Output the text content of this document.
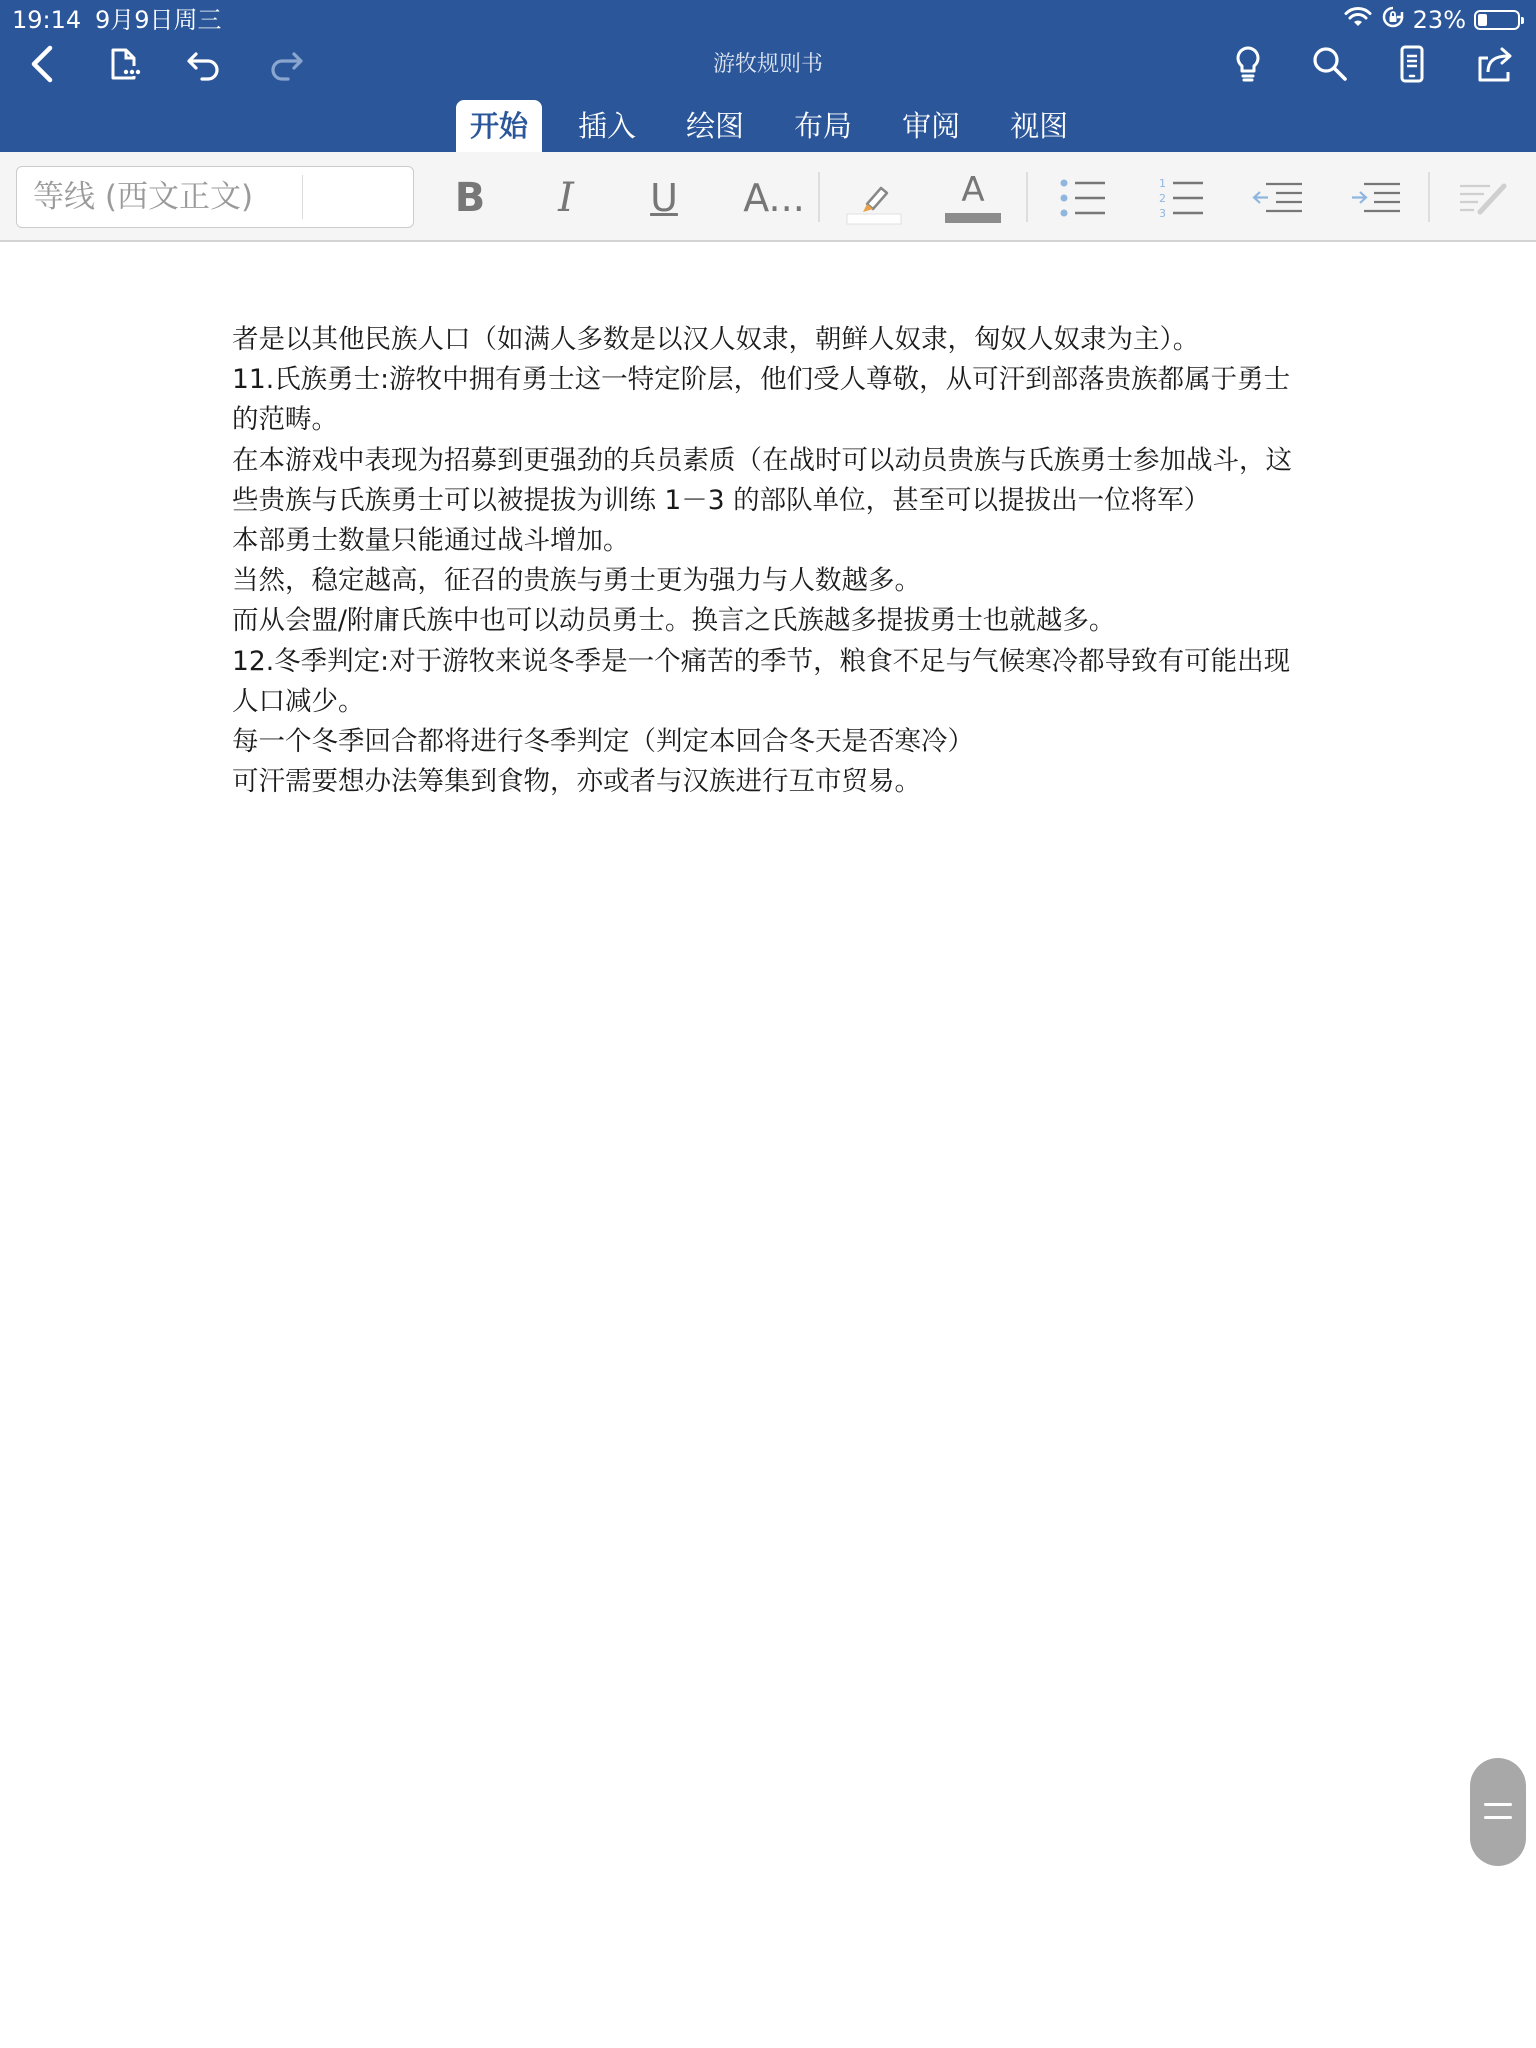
19:14 9月9日周三	23%
游牧规则书
开始	插入	绘图	布局	审阅	视图
等线 (西文正文)	B I U A...	A	1
2
3

者是以其他民族人口（如满人多数是以汉人奴隶，朝鲜人奴隶，匈奴人奴隶为主）。

11.氏族勇士:游牧中拥有勇士这一特定阶层，他们受人尊敬，从可汗到部落贵族都属于勇士的范畴。

在本游戏中表现为招募到更强劲的兵员素质（在战时可以动员贵族与氏族勇士参加战斗，这些贵族与氏族勇士可以被提拔为训练 1－3 的部队单位，甚至可以提拔出一位将军）

本部勇士数量只能通过战斗增加。

当然，稳定越高，征召的贵族与勇士更为强力与人数越多。

而从会盟/附庸氏族中也可以动员勇士。换言之氏族越多提拔勇士也就越多。

12.冬季判定:对于游牧来说冬季是一个痛苦的季节，粮食不足与气候寒冷都导致有可能出现人口减少。

每一个冬季回合都将进行冬季判定（判定本回合冬天是否寒冷）

可汗需要想办法筹集到食物，亦或者与汉族进行互市贸易。
